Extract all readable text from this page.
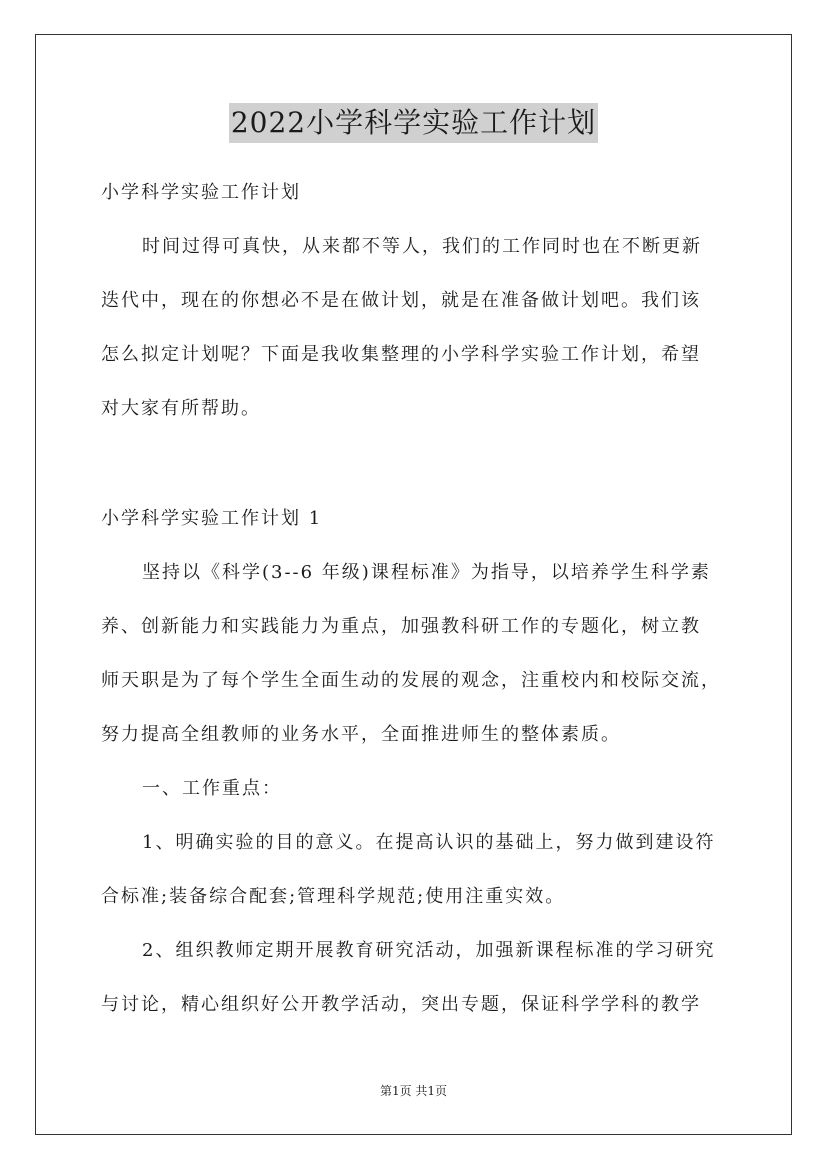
2022小学科学实验工作计划
小学科学实验工作计划
时间过得可真快，从来都不等人，我们的工作同时也在不断更新
迭代中，现在的你想必不是在做计划，就是在准备做计划吧。我们该
怎么拟定计划呢？下面是我收集整理的小学科学实验工作计划，希望
对大家有所帮助。
小学科学实验工作计划 1
坚持以《科学(3--6 年级)课程标准》为指导，以培养学生科学素
养、创新能力和实践能力为重点，加强教科研工作的专题化，树立教
师天职是为了每个学生全面生动的发展的观念，注重校内和校际交流，
努力提高全组教师的业务水平，全面推进师生的整体素质。
一、工作重点：
1、明确实验的目的意义。在提高认识的基础上，努力做到建设符
合标准;装备综合配套;管理科学规范;使用注重实效。
2、组织教师定期开展教育研究活动，加强新课程标准的学习研究
与讨论，精心组织好公开教学活动，突出专题，保证科学学科的教学
第1页 共1页
